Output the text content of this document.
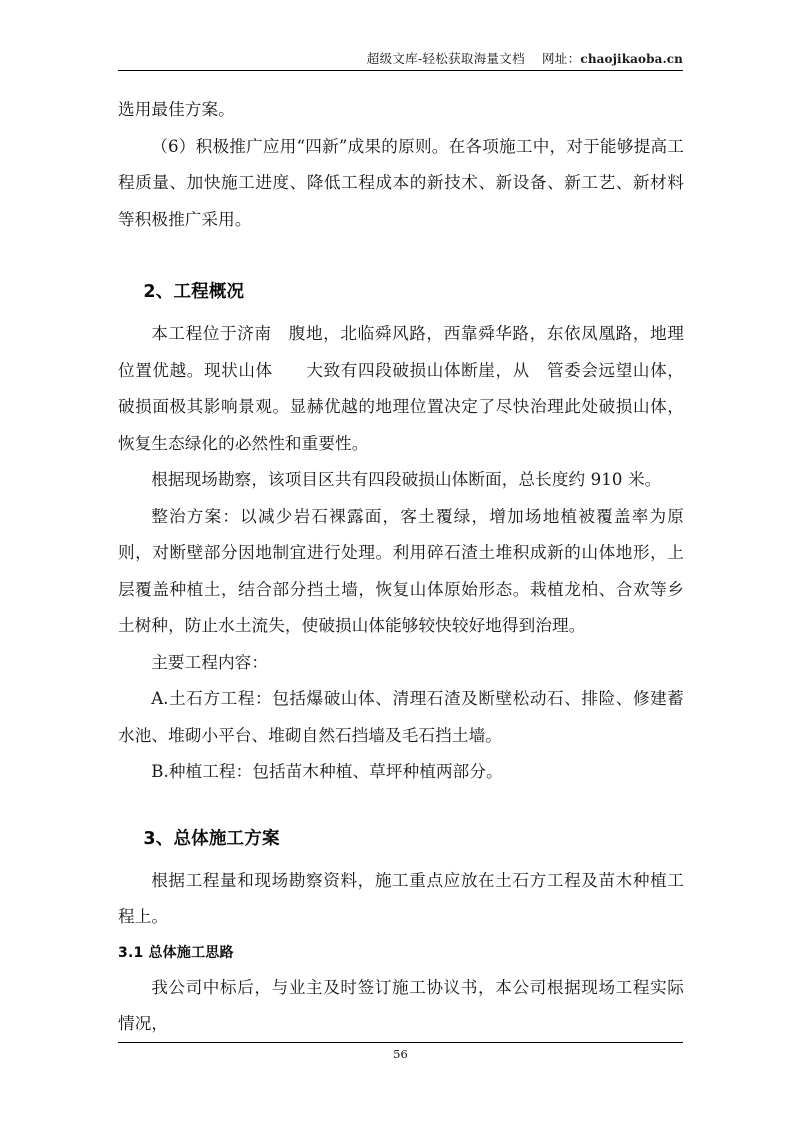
超级文库-轻松获取海量文档 网址：chaojikaoba.cn

选用最佳方案。

（6）积极推广应用“四新”成果的原则。在各项施工中，对于能够提高工程质量、加快施工进度、降低工程成本的新技术、新设备、新工艺、新材料等积极推广采用。

2、工程概况

本工程位于济南 腹地，北临舜风路，西靠舜华路，东依凤凰路，地理位置优越。现状山体 大致有四段破损山体断崖，从 管委会远望山体，破损面极其影响景观。显赫优越的地理位置决定了尽快治理此处破损山体，恢复生态绿化的必然性和重要性。

根据现场勘察，该项目区共有四段破损山体断面，总长度约 910 米。

整治方案：以减少岩石裸露面，客土覆绿，增加场地植被覆盖率为原则，对断壁部分因地制宜进行处理。利用碎石渣土堆积成新的山体地形，上层覆盖种植土，结合部分挡土墙，恢复山体原始形态。栽植龙柏、合欢等乡土树种，防止水土流失，使破损山体能够较快较好地得到治理。

主要工程内容：

A.土石方工程：包括爆破山体、清理石渣及断壁松动石、排险、修建蓄水池、堆砌小平台、堆砌自然石挡墙及毛石挡土墙。

B.种植工程：包括苗木种植、草坪种植两部分。

3、总体施工方案

根据工程量和现场勘察资料，施工重点应放在土石方工程及苗木种植工程上。

3.1 总体施工思路

我公司中标后，与业主及时签订施工协议书，本公司根据现场工程实际情况，

56
